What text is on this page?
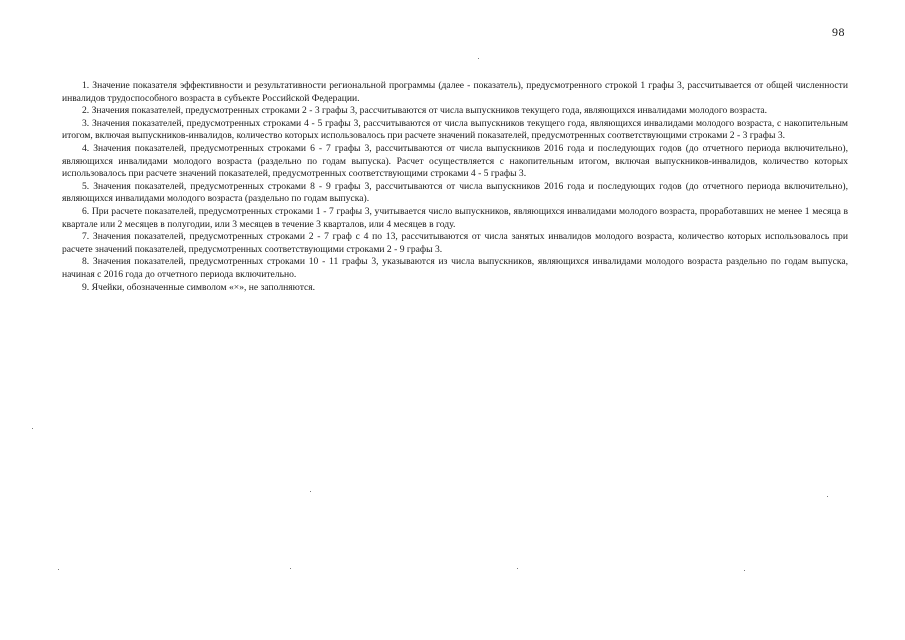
98

1. Значение показателя эффективности и результативности региональной программы (далее - показатель), предусмотренного строкой 1 графы 3, рассчитывается от общей численности инвалидов трудоспособного возраста в субъекте Российской Федерации.

2. Значения показателей, предусмотренных строками 2 - 3 графы 3, рассчитываются от числа выпускников текущего года, являющихся инвалидами молодого возраста.

3. Значения показателей, предусмотренных строками 4 - 5 графы 3, рассчитываются от числа выпускников текущего года, являющихся инвалидами молодого возраста, с накопительным итогом, включая выпускников-инвалидов, количество которых использовалось при расчете значений показателей, предусмотренных соответствующими строками 2 - 3 графы 3.

4. Значения показателей, предусмотренных строками 6 - 7 графы 3, рассчитываются от числа выпускников 2016 года и последующих годов (до отчетного периода включительно), являющихся инвалидами молодого возраста (раздельно по годам выпуска). Расчет осуществляется с накопительным итогом, включая выпускников-инвалидов, количество которых использовалось при расчете значений показателей, предусмотренных соответствующими строками 4 - 5 графы 3.

5. Значения показателей, предусмотренных строками 8 - 9 графы 3, рассчитываются от числа выпускников 2016 года и последующих годов (до отчетного периода включительно), являющихся инвалидами молодого возраста (раздельно по годам выпуска).

6. При расчете показателей, предусмотренных строками 1 - 7 графы 3, учитывается число выпускников, являющихся инвалидами молодого возраста, проработавших не менее 1 месяца в квартале или 2 месяцев в полугодии, или 3 месяцев в течение 3 кварталов, или 4 месяцев в году.

7. Значения показателей, предусмотренных строками 2 - 7 граф с 4 по 13, рассчитываются от числа занятых инвалидов молодого возраста, количество которых использовалось при расчете значений показателей, предусмотренных соответствующими строками 2 - 9 графы 3.

8. Значения показателей, предусмотренных строками 10 - 11 графы 3, указываются из числа выпускников, являющихся инвалидами молодого возраста раздельно по годам выпуска, начиная с 2016 года до отчетного периода включительно.

9. Ячейки, обозначенные символом «×», не заполняются.
